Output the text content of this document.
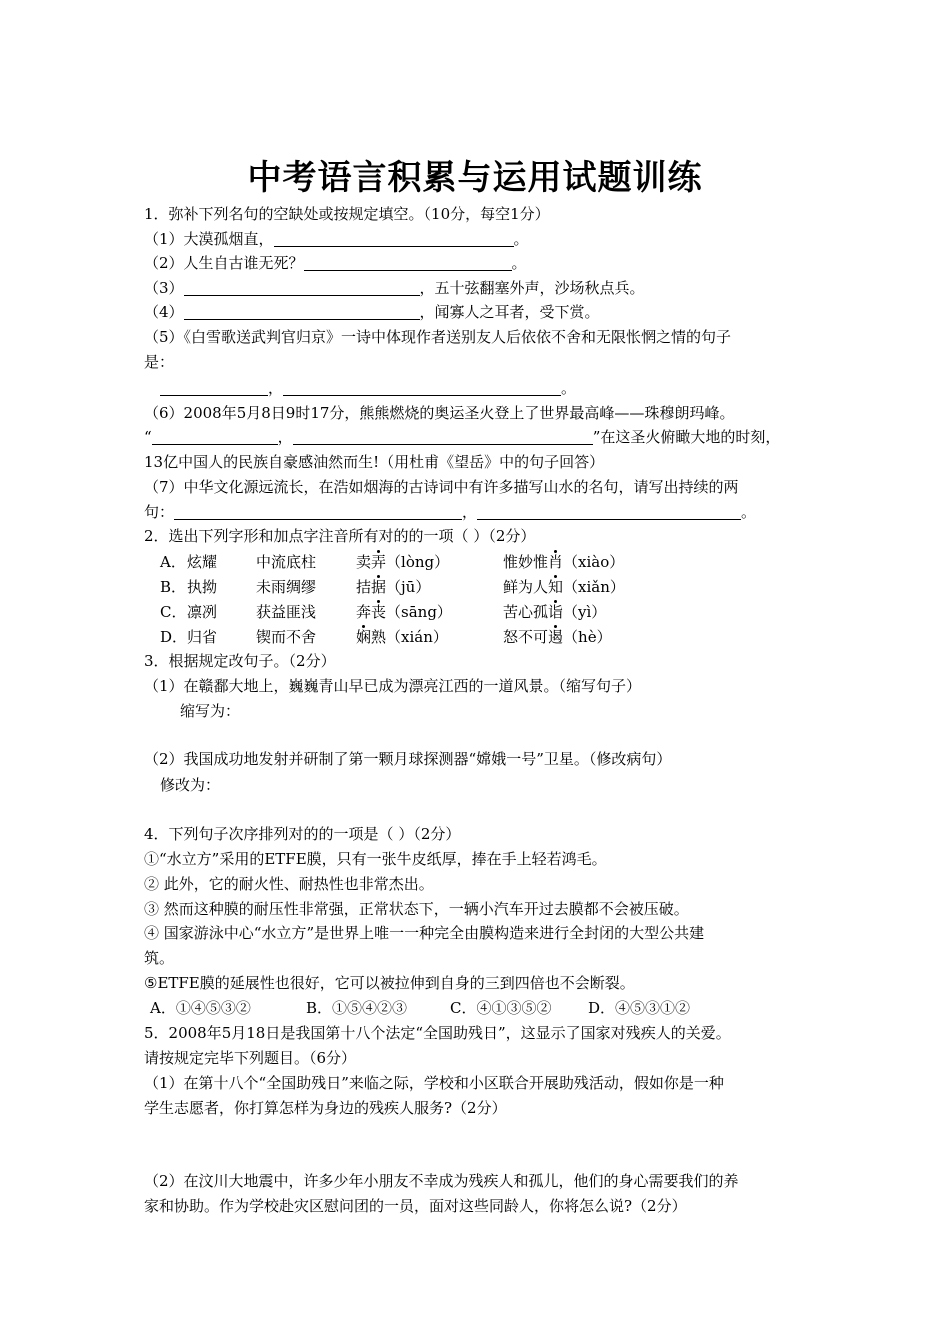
中考语言积累与运用试题训练
1．弥补下列名句的空缺处或按规定填空。（10分，每空1分）
（1）大漠孤烟直，	。
（2）人生自古谁无死？	。
（3）	，五十弦翻塞外声，沙场秋点兵。
（4）	，闻寡人之耳者，受下赏。
（5）《白雪歌送武判官归京》一诗中体现作者送别友人后依依不舍和无限怅惘之情的句子
是：
，	。
（6）2008年5月8日9时17分，熊熊燃烧的奥运圣火登上了世界最高峰——珠穆朗玛峰。
“	，	”在这圣火俯瞰大地的时刻，
13亿中国人的民族自豪感油然而生!（用杜甫《望岳》中的句子回答）
（7）中华文化源远流长，在浩如烟海的古诗词中有许多描写山水的名句，请写出持续的两
句：	，	。
2．选出下列字形和加点字注音所有对的的一项（ ）（2分）
A． 炫耀	中流底柱	卖弄（lòng）	惟妙惟肖（xiào）
B． 执拗	未雨绸缪	拮据（jū）	鲜为人知（xiǎn）
C． 凛冽	获益匪浅	奔丧（sāng）	苦心孤诣（yì）
D． 归省	锲而不舍	娴熟（xián）	怒不可遏（hè）
3．根据规定改句子。（2分）
（1）在赣鄱大地上，巍巍青山早已成为漂亮江西的一道风景。（缩写句子）
缩写为：
（2）我国成功地发射并研制了第一颗月球探测器“嫦娥一号”卫星。（修改病句）
修改为：
4．下列句子次序排列对的的一项是（ ）（2分）
①“水立方”采用的ETFE膜，只有一张牛皮纸厚，捧在手上轻若鸿毛。
② 此外，它的耐火性、耐热性也非常杰出。
③ 然而这种膜的耐压性非常强，正常状态下，一辆小汽车开过去膜都不会被压破。
④ 国家游泳中心“水立方”是世界上唯一一种完全由膜构造来进行全封闭的大型公共建
筑。
⑤ETFE膜的延展性也很好，它可以被拉伸到自身的三到四倍也不会断裂。
A．①④⑤③②	B．①⑤④②③	C．④①③⑤② D．④⑤③①②
5．2008年5月18日是我国第十八个法定“全国助残日”，这显示了国家对残疾人的关爱。
请按规定完毕下列题目。（6分）
（1）在第十八个“全国助残日”来临之际，学校和小区联合开展助残活动，假如你是一种
学生志愿者，你打算怎样为身边的残疾人服务?（2分）
（2）在汶川大地震中，许多少年小朋友不幸成为残疾人和孤儿，他们的身心需要我们的养
家和协助。作为学校赴灾区慰问团的一员，面对这些同龄人，你将怎么说?（2分）
